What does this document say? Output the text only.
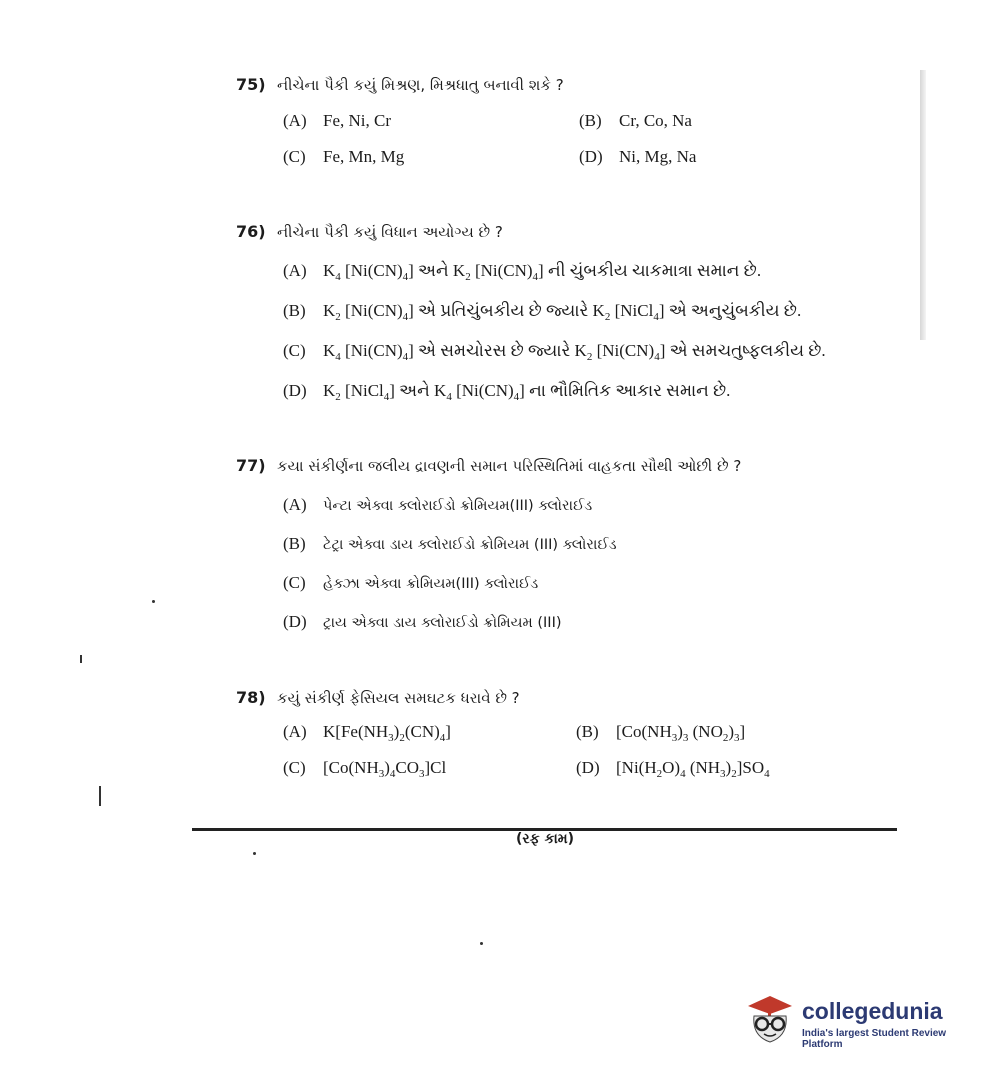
75) નીચેના પૈકી કયું મિશ્રણ, મિશ્રધાતુ બનાવી શકે ?
(A) Fe, Ni, Cr	(B) Cr, Co, Na
(C) Fe, Mn, Mg	(D) Ni, Mg, Na
76) નીચેના પૈકી કયું વિધાન અયોગ્ય છે ?
(A) $K_4$ $[Ni(CN)_4]$ અને $K_2$ $[Ni(CN)_4]$ ની ચુંબકીય ચાકમાત્રા સમાન છે.
(B) $K_2$ $[Ni(CN)_4]$ એ પ્રતિચુંબકીય છે જ્યારે $K_2$ [NiCl$_4$] એ અનુચુંબકીય છે.
(C) $K_4$ $[Ni(CN)_4]$ એ સમચોરસ છે જ્યારે $K_2$ $[Ni(CN)_4]$ એ સમચતુષ્ફલકીય છે.
(D) $K_2$ [NiCl$_4$] અને $K_4$ $[Ni(CN)_4]$ ના ભૌમિતિક આકાર સમાન છે.
77) કયા સંકીર્ણના જલીય દ્રાવણની સમાન પરિસ્થિતિમાં વાહકતા સૌથી ઓછી છે ?
(A) પેન્ટા એક્વા ક્લોરાઈડો ક્રોમિયમ(III) ક્લોરાઈડ
(B) ટેટ્રા એક્વા ડાય ક્લોરાઈડો ક્રોમિયમ (III) ક્લોરાઈડ
(C) હેક્ઝા એક્વા ક્રોમિયમ(III) ક્લોરાઈડ
(D) ટ્રાય એક્વા ડાય ક્લોરાઈડો ક્રોમિયમ (III)
78) કયું સંકીર્ણ ફેસિયલ સમઘટક ધરાવે છે ?
(A) $K[Fe(NH_3)_2(CN)_4]$	(B) [$Co(NH_3)_3$ $(NO_2)_3$]
(C) $[Co(NH_3)_4CO_3]Cl$	(D) [$Ni(H_2O)_4$ $(NH_3)_2]SO_4$
(રફ કામ)
collegedunia
India's largest Student Review Platform
